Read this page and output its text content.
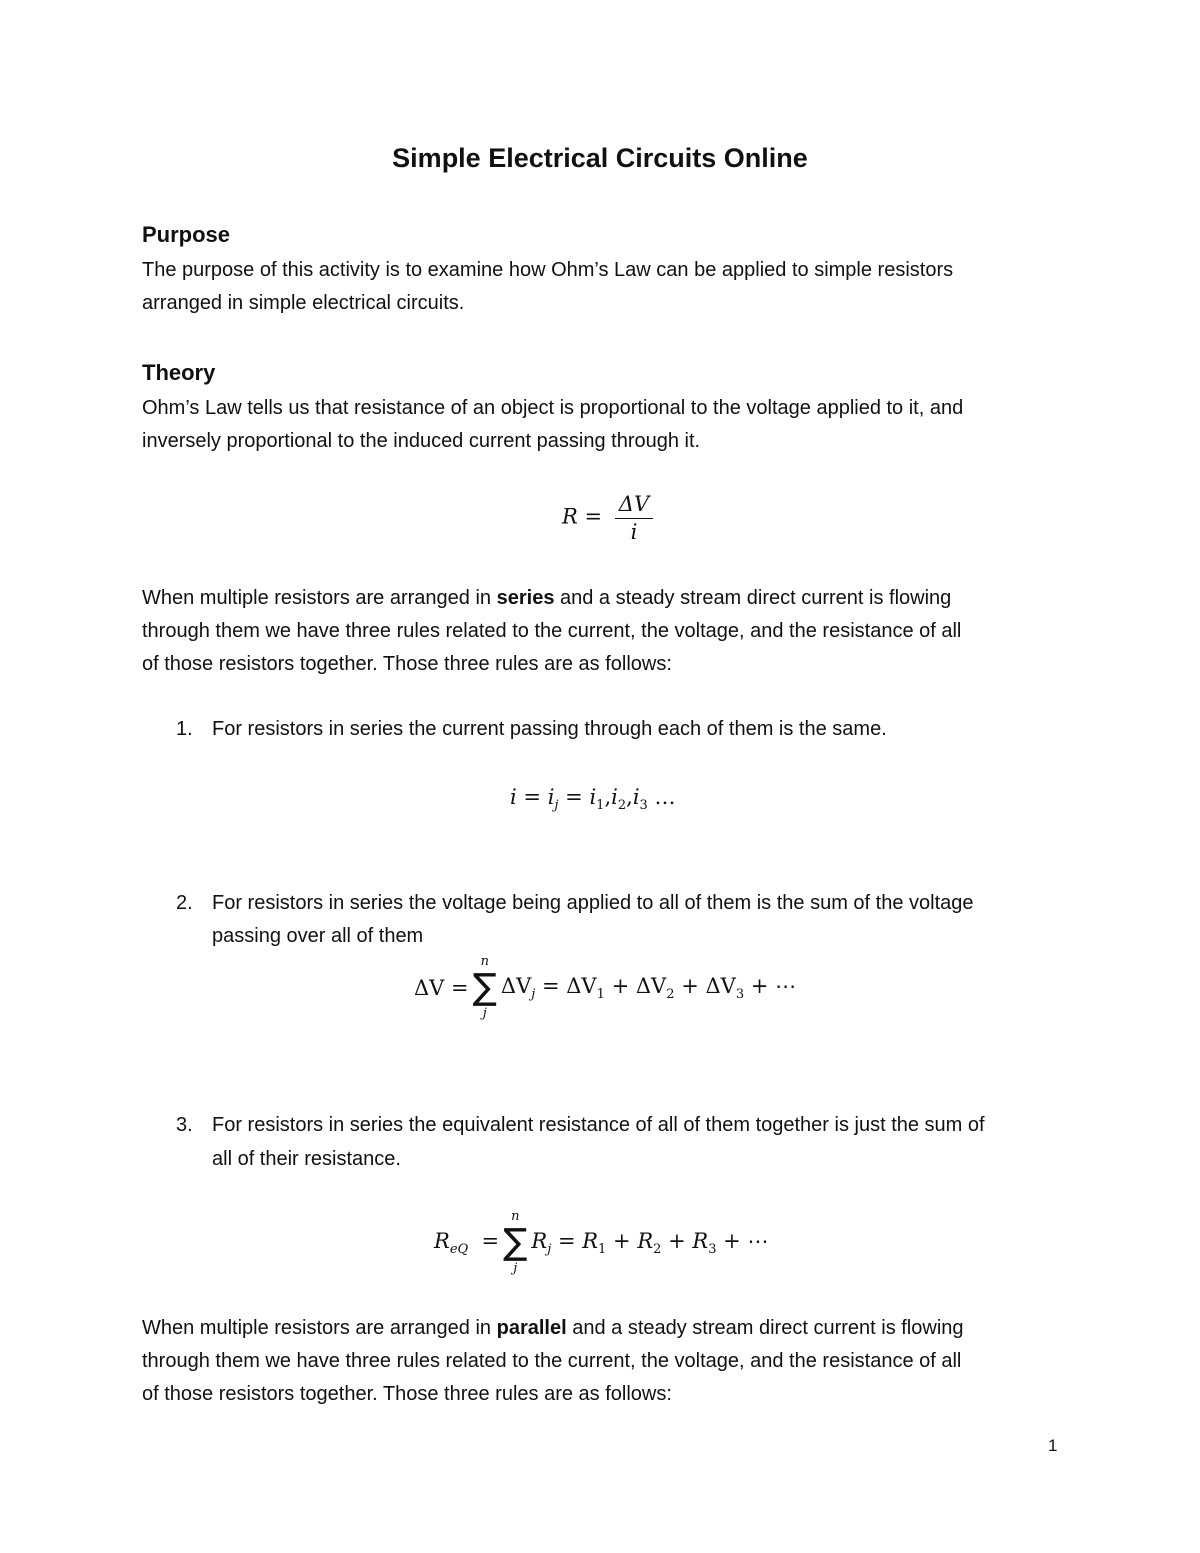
Simple Electrical Circuits Online
Purpose
The purpose of this activity is to examine how Ohm’s Law can be applied to simple resistors
arranged in simple electrical circuits.
Theory
Ohm’s Law tells us that resistance of an object is proportional to the voltage applied to it, and
inversely proportional to the induced current passing through it.
$R = \frac{\Delta V}{i}$
When multiple resistors are arranged in series and a steady stream direct current is flowing
through them we have three rules related to the current, the voltage, and the resistance of all
of those resistors together. Those three rules are as follows:
1. For resistors in series the current passing through each of them is the same.
$i = i_j = i_1,i_2,i_3$ …
2. For resistors in series the voltage being applied to all of them is the sum of the voltage
passing over all of them
ΔV
=
n
∑
j
$\Delta V_j = \Delta V_1 + \Delta V_2 + \Delta V_3$ + ⋯
3. For resistors in series the equivalent resistance of all of them together is just the sum of
all of their resistance.
$R_{eQ}$ =
n
∑
j
$R_j = R_1 + R_2 + R_3$ + ⋯
When multiple resistors are arranged in parallel and a steady stream direct current is flowing
through them we have three rules related to the current, the voltage, and the resistance of all
of those resistors together. Those three rules are as follows:
1
